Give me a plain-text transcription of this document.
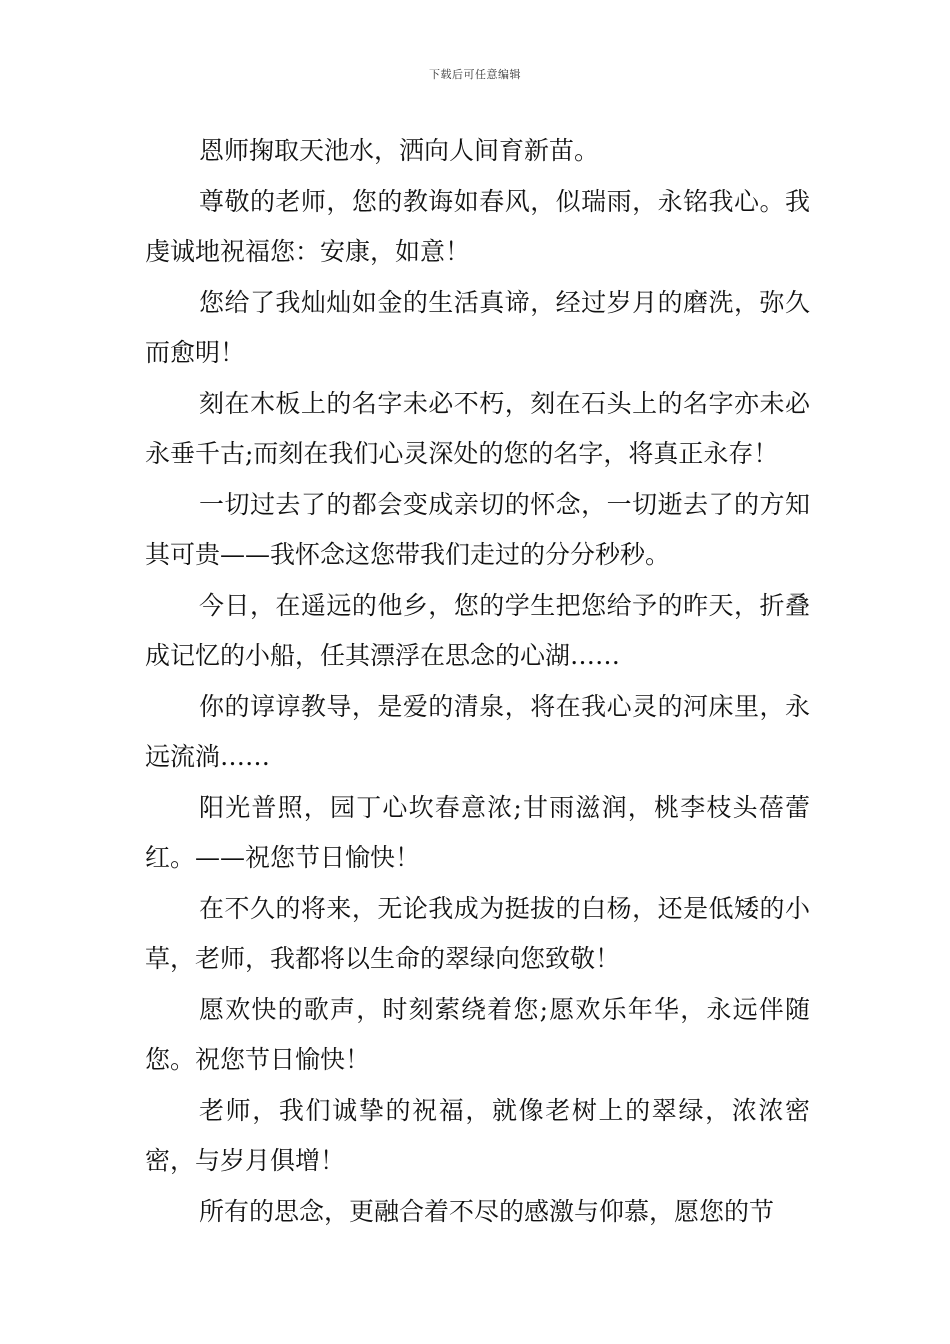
下载后可任意编辑

恩师掬取天池水，洒向人间育新苗。

尊敬的老师，您的教诲如春风，似瑞雨，永铭我心。我虔诚地祝福您：安康，如意！

您给了我灿灿如金的生活真谛，经过岁月的磨洗，弥久而愈明！

刻在木板上的名字未必不朽，刻在石头上的名字亦未必永垂千古;而刻在我们心灵深处的您的名字，将真正永存！

一切过去了的都会变成亲切的怀念，一切逝去了的方知其可贵——我怀念这您带我们走过的分分秒秒。

今日，在遥远的他乡，您的学生把您给予的昨天，折叠成记忆的小船，任其漂浮在思念的心湖……

你的谆谆教导，是爱的清泉，将在我心灵的河床里，永远流淌……

阳光普照，园丁心坎春意浓;甘雨滋润，桃李枝头蓓蕾红。——祝您节日愉快！

在不久的将来，无论我成为挺拔的白杨，还是低矮的小草，老师，我都将以生命的翠绿向您致敬！

愿欢快的歌声，时刻萦绕着您;愿欢乐年华，永远伴随您。祝您节日愉快！

老师，我们诚挚的祝福，就像老树上的翠绿，浓浓密密，与岁月俱增！

所有的思念，更融合着不尽的感激与仰慕，愿您的节
